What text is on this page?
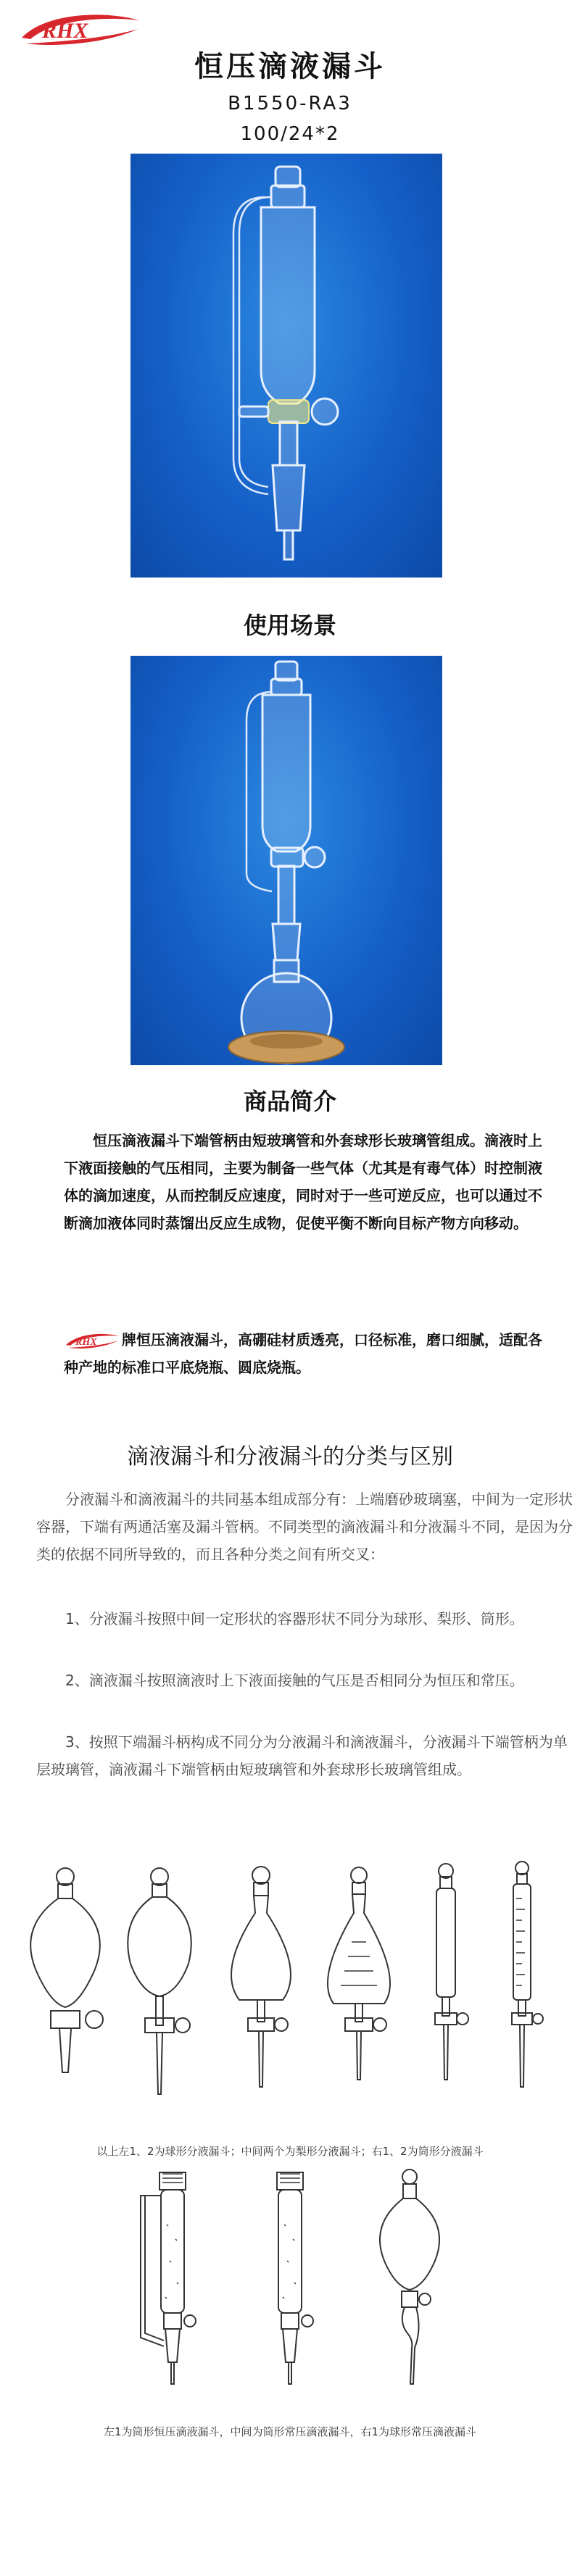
RHX
恒压滴液漏斗
B1550-RA3
100/24*2
使用场景
商品简介
恒压滴液漏斗下端管柄由短玻璃管和外套球形长玻璃管组成。滴液时上下液面接触的气压相同，主要为制备一些气体（尤其是有毒气体）时控制液体的滴加速度，从而控制反应速度，同时对于一些可逆反应，也可以通过不断滴加液体同时蒸馏出反应生成物，促使平衡不断向目标产物方向移动。
RHX 牌恒压滴液漏斗，高硼硅材质透亮，口径标准，磨口细腻，适配各种产地的标准口平底烧瓶、圆底烧瓶。
滴液漏斗和分液漏斗的分类与区别

分液漏斗和滴液漏斗的共同基本组成部分有：上端磨砂玻璃塞，中间为一定形状容器，下端有两通活塞及漏斗管柄。不同类型的滴液漏斗和分液漏斗不同，是因为分类的依据不同所导致的，而且各种分类之间有所交叉：

1、分液漏斗按照中间一定形状的容器形状不同分为球形、梨形、筒形。

2、滴液漏斗按照滴液时上下液面接触的气压是否相同分为恒压和常压。

3、按照下端漏斗柄构成不同分为分液漏斗和滴液漏斗，分液漏斗下端管柄为单层玻璃管，滴液漏斗下端管柄由短玻璃管和外套球形长玻璃管组成。

以上左1、2为球形分液漏斗；中间两个为梨形分液漏斗；右1、2为筒形分液漏斗
左1为筒形恒压滴液漏斗，中间为筒形常压滴液漏斗，右1为球形常压滴液漏斗
